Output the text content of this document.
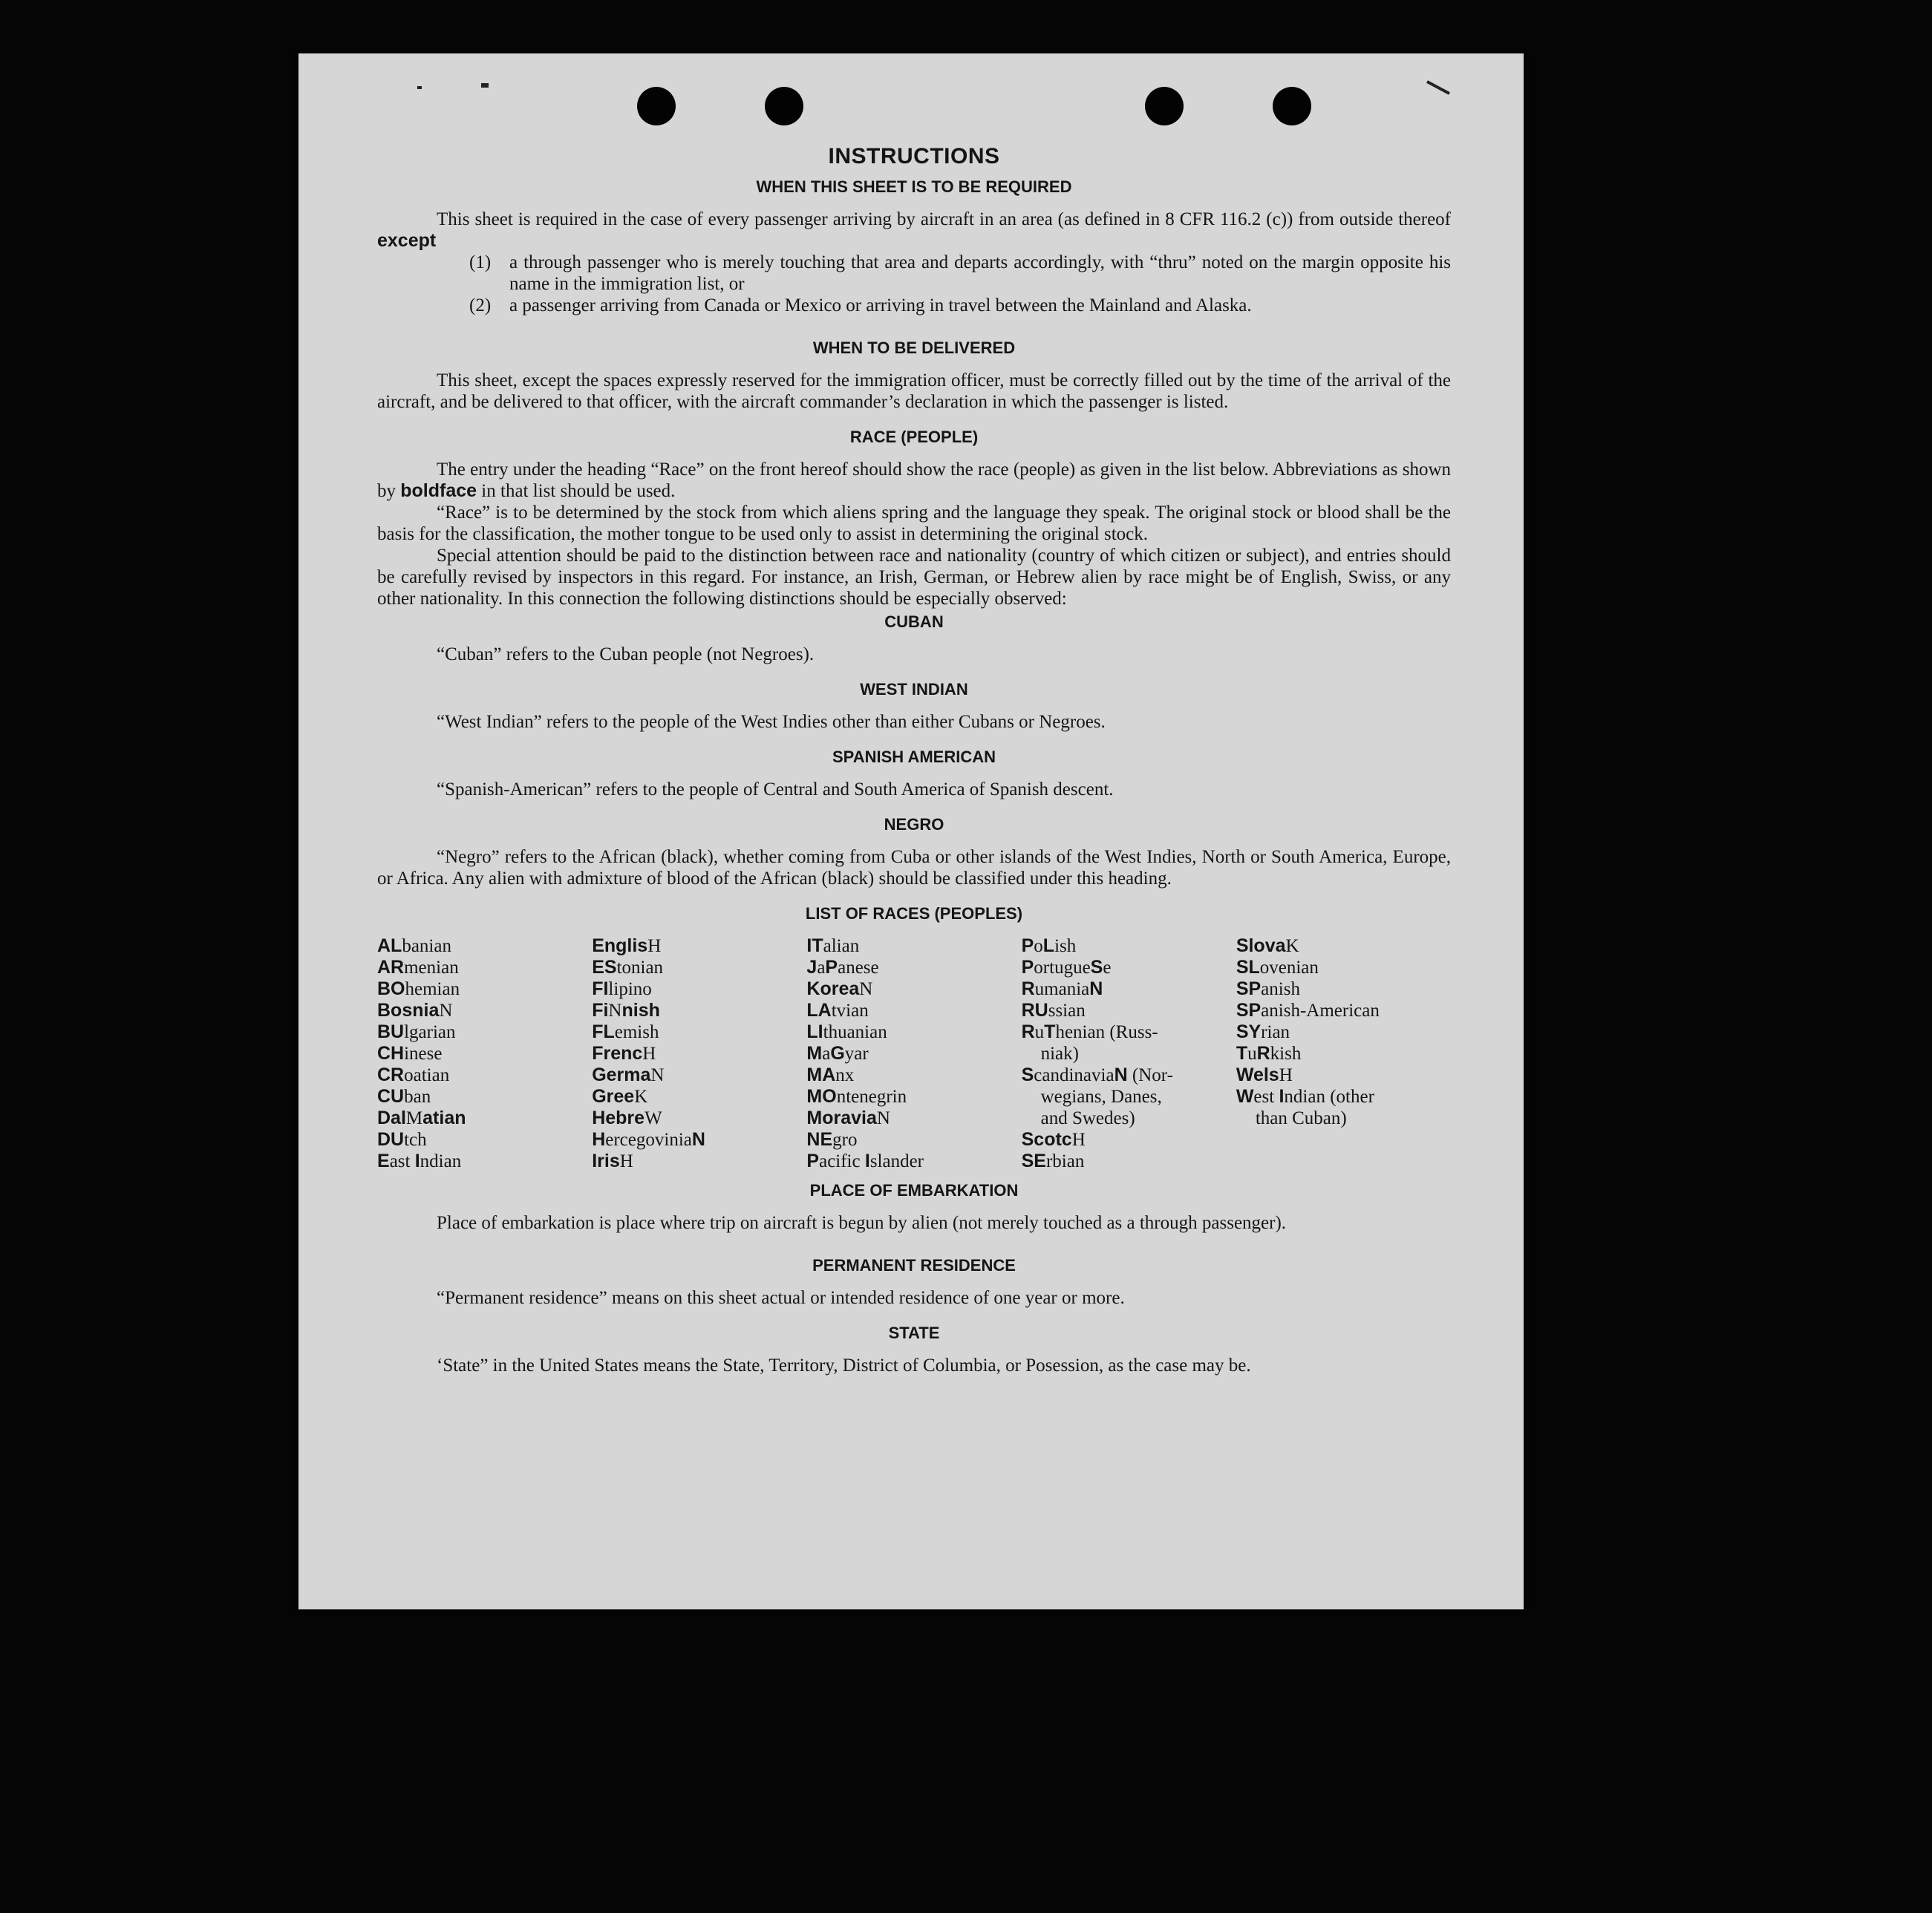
INSTRUCTIONS
WHEN THIS SHEET IS TO BE REQUIRED

This sheet is required in the case of every passenger arriving by aircraft in an area (as defined in 8 CFR 116.2 (c)) from outside thereof except

(1) a through passenger who is merely touching that area and departs accordingly, with “thru” noted on the margin opposite his name in the immigration list, or
(2) a passenger arriving from Canada or Mexico or arriving in travel between the Mainland and Alaska.
WHEN TO BE DELIVERED

This sheet, except the spaces expressly reserved for the immigration officer, must be correctly filled out by the time of the arrival of the aircraft, and be delivered to that officer, with the aircraft commander’s declaration in which the passenger is listed.

RACE (PEOPLE)

The entry under the heading “Race” on the front hereof should show the race (people) as given in the list below. Abbreviations as shown by boldface in that list should be used.

“Race” is to be determined by the stock from which aliens spring and the language they speak. The original stock or blood shall be the basis for the classification, the mother tongue to be used only to assist in determining the original stock.

Special attention should be paid to the distinction between race and nationality (country of which citizen or subject), and entries should be carefully revised by inspectors in this regard. For instance, an Irish, German, or Hebrew alien by race might be of English, Swiss, or any other nationality. In this connection the following distinctions should be especially observed:

CUBAN

“Cuban” refers to the Cuban people (not Negroes).

WEST INDIAN

“West Indian” refers to the people of the West Indies other than either Cubans or Negroes.

SPANISH AMERICAN

“Spanish-American” refers to the people of Central and South America of Spanish descent.

NEGRO

“Negro” refers to the African (black), whether coming from Cuba or other islands of the West Indies, North or South America, Europe, or Africa. Any alien with admixture of blood of the African (black) should be classified under this heading.

LIST OF RACES (PEOPLES)
ALbanian
ARmenian
BOhemian
BosniaN
BUlgarian
CHinese
CRoatian
CUban
DalMatian
DUtch
East Indian
EnglisH
EStonian
FIlipino
FiNnish
FLemish
FrencH
GermaN
GreeK
HebreW
HercegoviniaN
IrisH
ITalian
JaPanese
KoreaN
LAtvian
LIthuanian
MaGyar
MAnx
MOntenegrin
MoraviaN
NEgro
Pacific Islander
PoLish
PortugueSe
RumaniaN
RUssian
RuThenian (Russ-
niak)
ScandinaviaN (Nor-
wegians, Danes,
and Swedes)
ScotcH
SErbian
SlovaK
SLovenian
SPanish
SPanish-American
SYrian
TuRkish
WelsH
West Indian (other
than Cuban)
PLACE OF EMBARKATION

Place of embarkation is place where trip on aircraft is begun by alien (not merely touched as a through passenger).

PERMANENT RESIDENCE

“Permanent residence” means on this sheet actual or intended residence of one year or more.

STATE

‘State” in the United States means the State, Territory, District of Columbia, or Posession, as the case may be.
